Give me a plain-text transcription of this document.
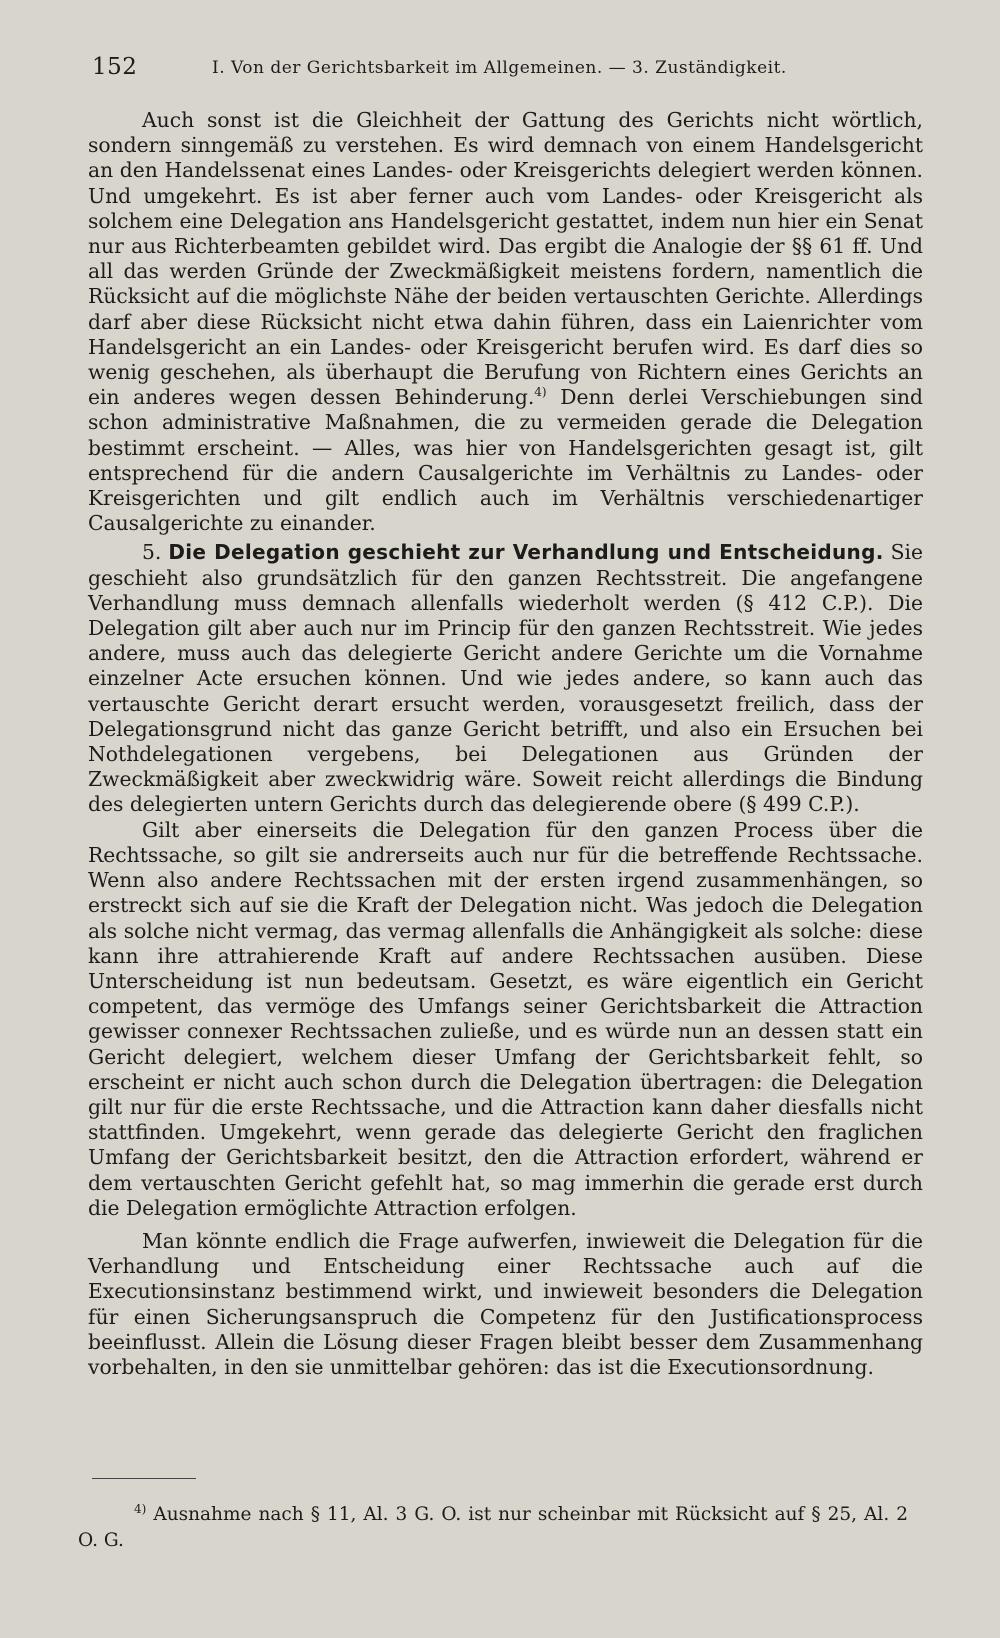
152	I. Von der Gerichtsbarkeit im Allgemeinen. — 3. Zuständigkeit.

Auch sonst ist die Gleichheit der Gattung des Gerichts nicht wörtlich, sondern sinngemäß zu verstehen. Es wird demnach von einem Handelsgericht an den Handelssenat eines Landes- oder Kreisgerichts delegiert werden können. Und umgekehrt. Es ist aber ferner auch vom Landes- oder Kreisgericht als solchem eine Delegation ans Handelsgericht gestattet, indem nun hier ein Senat nur aus Richterbeamten gebildet wird. Das ergibt die Analogie der §§ 61 ff. Und all das werden Gründe der Zweckmäßigkeit meistens fordern, namentlich die Rücksicht auf die möglichste Nähe der beiden vertauschten Gerichte. Allerdings darf aber diese Rücksicht nicht etwa dahin führen, dass ein Laienrichter vom Handelsgericht an ein Landes- oder Kreisgericht berufen wird. Es darf dies so wenig geschehen, als überhaupt die Berufung von Richtern eines Gerichts an ein anderes wegen dessen Behinderung.$^{4)}$ Denn derlei Verschiebungen sind schon administrative Maßnahmen, die zu vermeiden gerade die Delegation bestimmt erscheint. — Alles, was hier von Handelsgerichten gesagt ist, gilt entsprechend für die andern Causalgerichte im Verhältnis zu Landes- oder Kreisgerichten und gilt endlich auch im Verhältnis verschiedenartiger Causalgerichte zu einander.

5. Die Delegation geschieht zur Verhandlung und Entscheidung. Sie geschieht also grundsätzlich für den ganzen Rechtsstreit. Die angefangene Verhandlung muss demnach allenfalls wiederholt werden (§ 412 C.P.). Die Delegation gilt aber auch nur im Princip für den ganzen Rechtsstreit. Wie jedes andere, muss auch das delegierte Gericht andere Gerichte um die Vornahme einzelner Acte ersuchen können. Und wie jedes andere, so kann auch das vertauschte Gericht derart ersucht werden, vorausgesetzt freilich, dass der Delegationsgrund nicht das ganze Gericht betrifft, und also ein Ersuchen bei Nothdelegationen vergebens, bei Delegationen aus Gründen der Zweckmäßigkeit aber zweckwidrig wäre. Soweit reicht allerdings die Bindung des delegierten untern Gerichts durch das delegierende obere (§ 499 C.P.).

Gilt aber einerseits die Delegation für den ganzen Process über die Rechtssache, so gilt sie andrerseits auch nur für die betreffende Rechtssache. Wenn also andere Rechtssachen mit der ersten irgend zusammenhängen, so erstreckt sich auf sie die Kraft der Delegation nicht. Was jedoch die Delegation als solche nicht vermag, das vermag allenfalls die Anhängigkeit als solche: diese kann ihre attrahierende Kraft auf andere Rechtssachen ausüben. Diese Unterscheidung ist nun bedeutsam. Gesetzt, es wäre eigentlich ein Gericht competent, das vermöge des Umfangs seiner Gerichtsbarkeit die Attraction gewisser connexer Rechtssachen zuließe, und es würde nun an dessen statt ein Gericht delegiert, welchem dieser Umfang der Gerichtsbarkeit fehlt, so erscheint er nicht auch schon durch die Delegation übertragen: die Delegation gilt nur für die erste Rechtssache, und die Attraction kann daher diesfalls nicht stattfinden. Umgekehrt, wenn gerade das delegierte Gericht den fraglichen Umfang der Gerichtsbarkeit besitzt, den die Attraction erfordert, während er dem vertauschten Gericht gefehlt hat, so mag immerhin die gerade erst durch die Delegation ermöglichte Attraction erfolgen.

Man könnte endlich die Frage aufwerfen, inwieweit die Delegation für die Verhandlung und Entscheidung einer Rechtssache auch auf die Executionsinstanz bestimmend wirkt, und inwieweit besonders die Delegation für einen Sicherungsanspruch die Competenz für den Justificationsprocess beeinflusst. Allein die Lösung dieser Fragen bleibt besser dem Zusammenhang vorbehalten, in den sie unmittelbar gehören: das ist die Executionsordnung.

$^{4)}$ Ausnahme nach § 11, Al. 3 G. O. ist nur scheinbar mit Rücksicht auf § 25, Al. 2 O. G.
